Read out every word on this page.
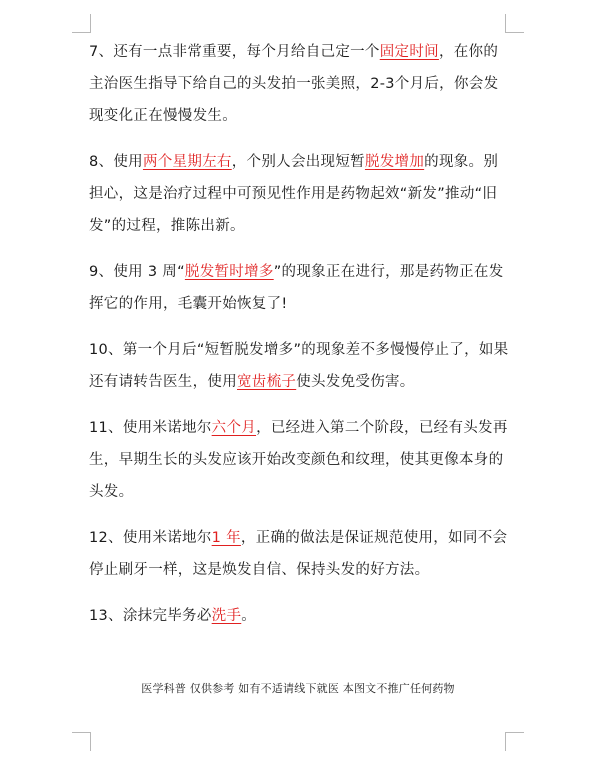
7、还有一点非常重要，每个月给自己定一个固定时间，在你的主治医生指导下给自己的头发拍一张美照，2-3个月后，你会发现变化正在慢慢发生。

8、使用两个星期左右，个别人会出现短暂脱发增加的现象。别担心，这是治疗过程中可预见性作用是药物起效“新发”推动“旧发”的过程，推陈出新。

9、使用 3 周“脱发暂时增多”的现象正在进行，那是药物正在发挥它的作用，毛囊开始恢复了!

10、第一个月后“短暂脱发增多”的现象差不多慢慢停止了，如果还有请转告医生，使用宽齿梳子使头发免受伤害。

11、使用米诺地尔六个月，已经进入第二个阶段，已经有头发再生，早期生长的头发应该开始改变颜色和纹理，使其更像本身的头发。

12、使用米诺地尔1 年，正确的做法是保证规范使用，如同不会停止刷牙一样，这是焕发自信、保持头发的好方法。

13、涂抹完毕务必洗手。

医学科普 仅供参考 如有不适请线下就医 本图文不推广任何药物
